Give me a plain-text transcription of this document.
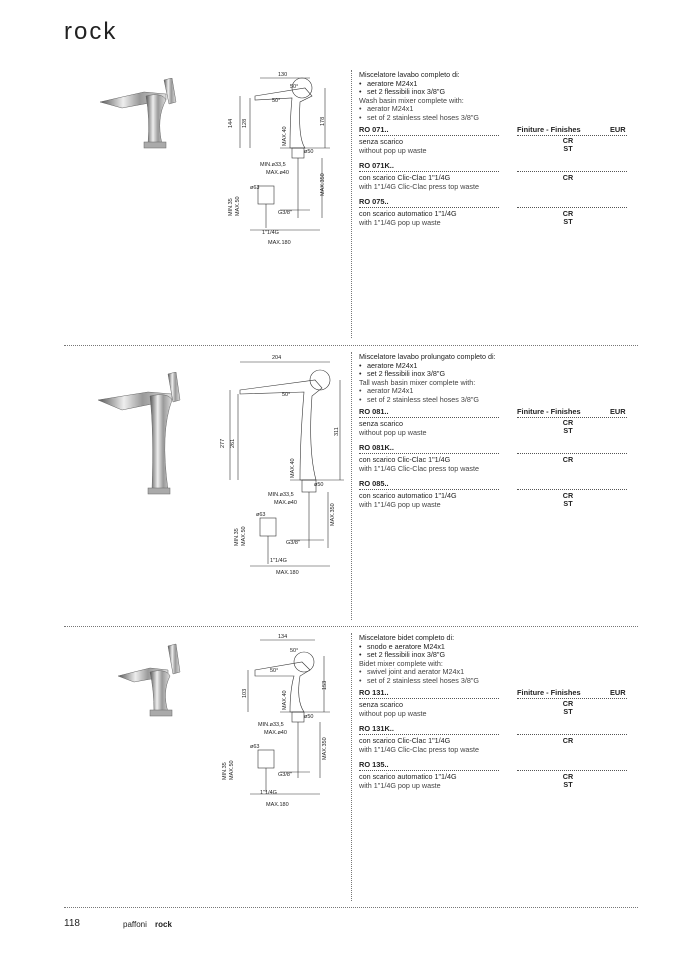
rock
130
50°
50°
144 128	178
MAX.40
ø50
MIN.ø33,5
MAX.ø40
MAX.350
ø63
MIN.35 MAX.50	G3/8"
1"1/4G
MAX.180
Miscelatore lavabo completo di:
• aeratore M24x1
• set 2 flessibili inox 3/8"G
Wash basin mixer complete with:
• aerator M24x1
• set of 2 stainless steel hoses 3/8"G
Finiture - Finishes	EUR
RO 071..
senza scarico
without pop up waste
CR
ST
RO 071K..
con scarico Clic-Clac 1"1/4G
with 1"1/4G Clic-Clac press top waste
CR
RO 075..
con scarico automatico 1"1/4G
with 1"1/4G pop up waste
CR
ST
204
50°
277 261
311
MAX.40
ø50
MIN.ø33,5
MAX.ø40
MAX.350
ø63
MIN.35 MAX.50	G3/8"
1"1/4G
MAX.180
Miscelatore lavabo prolungato completo di:
• aeratore M24x1
• set 2 flessibili inox 3/8"G
Tall wash basin mixer complete with:
• aerator M24x1
• set of 2 stainless steel hoses 3/8"G
Finiture - Finishes	EUR
RO 081..
senza scarico
without pop up waste
CR
ST
RO 081K..
con scarico Clic-Clac 1"1/4G
with 1"1/4G Clic-Clac press top waste
CR
RO 085..
con scarico automatico 1"1/4G
with 1"1/4G pop up waste
CR
ST
134
50°
50°
103
153
MAX.40
ø50
MIN.ø33,5
MAX.ø40
MAX.350
ø63
MIN.35 MAX.50	G3/8"
1"1/4G
MAX.180
Miscelatore bidet completo di:
• snodo e aeratore M24x1
• set 2 flessibili inox 3/8"G
Bidet mixer complete with:
• swivel joint and aerator M24x1
• set of 2 stainless steel hoses 3/8"G
Finiture - Finishes	EUR
RO 131..
senza scarico
without pop up waste
CR
ST
RO 131K..
con scarico Clic-Clac 1"1/4G
with 1"1/4G Clic-Clac press top waste
CR
RO 135..
con scarico automatico 1"1/4G
with 1"1/4G pop up waste
CR
ST
118	paffoni rock
